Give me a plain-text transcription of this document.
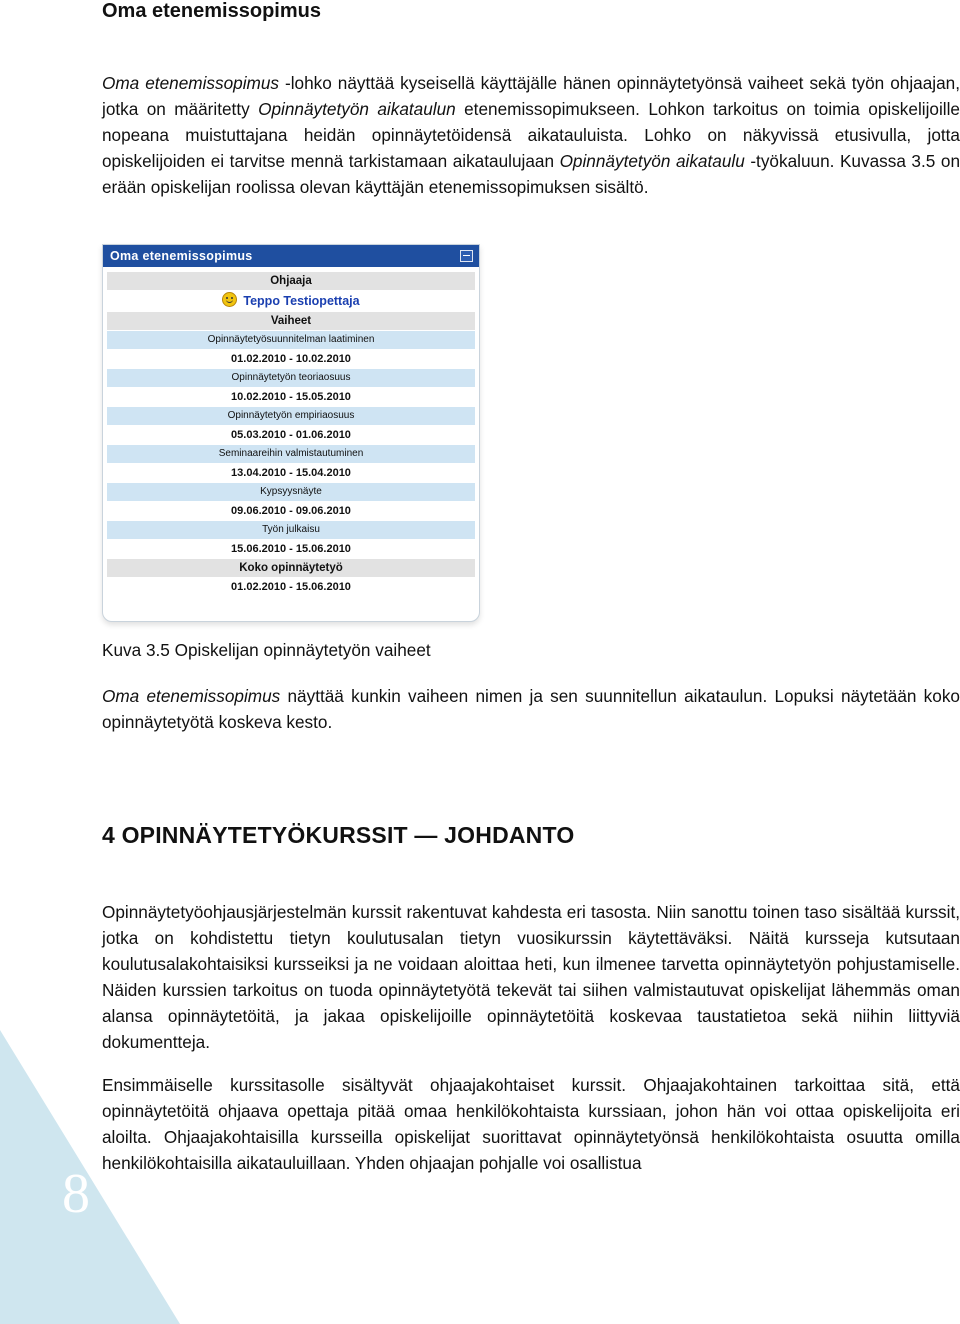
8
Oma etenemissopimus

Oma etenemissopimus -lohko näyttää kyseisellä käyttäjälle hänen opinnäytetyönsä vaiheet sekä työn ohjaajan, jotka on määritetty Opinnäytetyön aikataulun etenemissopimukseen. Lohkon tarkoitus on toimia opiskelijoille nopeana muistuttajana heidän opinnäytetöidensä aikatauluista. Lohko on näkyvissä etusivulla, jotta opiskelijoiden ei tarvitse mennä tarkistamaan aikataulujaan Opinnäytetyön aikataulu -työkaluun. Kuvassa 3.5 on erään opiskelijan roolissa olevan käyttäjän etenemissopimuksen sisältö.

Oma etenemissopimus
Ohjaaja
Teppo Testiopettaja
Vaiheet
Opinnäytetyösuunnitelman laatiminen
01.02.2010 - 10.02.2010
Opinnäytetyön teoriaosuus
10.02.2010 - 15.05.2010
Opinnäytetyön empiriaosuus
05.03.2010 - 01.06.2010
Seminaareihin valmistautuminen
13.04.2010 - 15.04.2010
Kypsyysnäyte
09.06.2010 - 09.06.2010
Työn julkaisu
15.06.2010 - 15.06.2010
Koko opinnäytetyö
01.02.2010 - 15.06.2010
Kuva 3.5 Opiskelijan opinnäytetyön vaiheet

Oma etenemissopimus näyttää kunkin vaiheen nimen ja sen suunnitellun aikataulun. Lopuksi näytetään koko opinnäytetyötä koskeva kesto.

4 OPINNÄYTETYÖKURSSIT — JOHDANTO

Opinnäytetyöohjausjärjestelmän kurssit rakentuvat kahdesta eri tasosta. Niin sanottu toinen taso sisältää kurssit, jotka on kohdistettu tietyn koulutusalan tietyn vuosikurssin käytettäväksi. Näitä kursseja kutsutaan koulutusalakohtaisiksi kursseiksi ja ne voidaan aloittaa heti, kun ilmenee tarvetta opinnäytetyön pohjustamiselle. Näiden kurssien tarkoitus on tuoda opinnäytetyötä tekevät tai siihen valmistautuvat opiskelijat lähemmäs oman alansa opinnäytetöitä, ja jakaa opiskelijoille opinnäytetöitä koskevaa taustatietoa sekä niihin liittyviä dokumentteja.

Ensimmäiselle kurssitasolle sisältyvät ohjaajakohtaiset kurssit. Ohjaajakohtainen tarkoittaa sitä, että opinnäytetöitä ohjaava opettaja pitää omaa henkilökohtaista kurssiaan, johon hän voi ottaa opiskelijoita eri aloilta. Ohjaajakohtaisilla kursseilla opiskelijat suorittavat opinnäytetyönsä henkilökohtaista osuutta omilla henkilökohtaisilla aikatauluillaan. Yhden ohjaajan pohjalle voi osallistua
